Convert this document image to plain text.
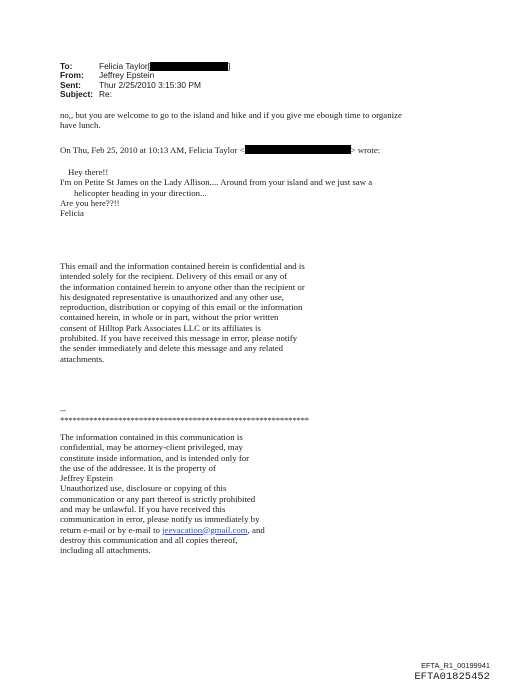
To:	Felicia Taylor[	]
From:	Jeffrey Epstein
Sent:	Thur 2/25/2010 3:15:30 PM
Subject: Re:
no,, but you are welcome to go to the island and hike and if you give me ebough time to organize
have lunch.
On Thu, Feb 25, 2010 at 10:13 AM, Felicia Taylor <	> wrote:
Hey there!!
I'm on Petite St James on the Lady Allison.... Around from your island and we just saw a
helicopter heading in your direction...
Are you here??!!
Felicia
This email and the information contained herein is confidential and is
intended solely for the recipient. Delivery of this email or any of
the information contained herein to anyone other than the recipient or
his designated representative is unauthorized and any other use,
reproduction, distribution or copying of this email or the information
contained herein, in whole or in part, without the prior written
consent of Hilltop Park Associates LLC or its affiliates is
prohibited. If you have received this message in error, please notify
the sender immediately and delete this message and any related
attachments.
--
************************************************************
The information contained in this communication is
confidential, may be attorney-client privileged, may
constitute inside information, and is intended only for
the use of the addressee. It is the property of
Jeffrey Epstein
Unauthorized use, disclosure or copying of this
communication or any part thereof is strictly prohibited
and may be unlawful. If you have received this
communication in error, please notify us immediately by
return e-mail or by e-mail to jeevacation@gmail.com, and
destroy this communication and all copies thereof,
including all attachments.
EFTA_R1_00199941
EFTA01825452
